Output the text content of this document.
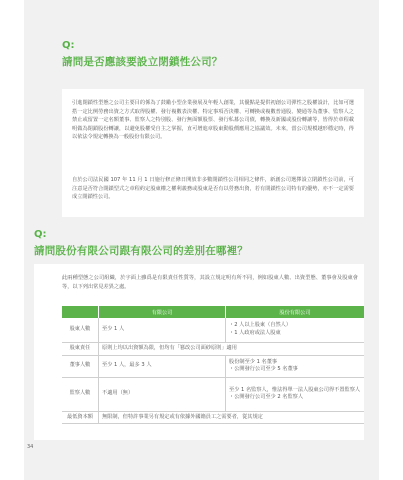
Q:
請問是否應該要設立閉鎖性公司？
引進閉鎖性型態之公司主要目的係為了鼓勵小型企業發展及年輕人創業，其優點是提供初創公司彈性之股權設計，比如可選搭一定比例勞務出資之方式取得股權、發行複數表決權、特定事項否決權、可轉換或複數普通股、變通等為董事、監察人之禁止或留置一定名額董事、監察人之特別股、發行無面額股票、發行私募公司債，轉換及新國或股份轉讓等，皆得於章程載明做為閉鎖股份轉讓，以避免股權受自主之掌握，直可增進章股東動股價應用之協議效。未來，當公司規模越形穩定時，得以依法令規定轉換為一般股份有限公司。
自於公司法民國 107 年 11 月 1 日施行修正條日開放非多數閉鎖性公司相同之條件，新創公司選擇設立閉鎖性公司前，可注意是否符合閉鎖型式之章程約定股東權之權利義務或股東是否有以勞務出資，若有閉鎖性公司特有的優勢，亦不一定需要成立閉鎖性公司。
Q:
請問股份有限公司跟有限公司的差別在哪裡？
此兩種型態之公司組織，於字面上雖爲是有限責任性質等，其設立規定明有所不同，例如股東人數、出資型態、董事會及股東會等，以下列出常見差異之處。
	有限公司	股份有限公司
股東人數	至少 1 人	・2 人以上股東（自然人）
・1 人政府或法人股東
股東責任	原則上均以出資額為限，但均有「篡改公司面紗原則」適用	
董事人數	至少 1 人，最多 3 人	股份制至少 1 名董事
・公開發行公司至少 5 名董事
監察人數	不適用（無）	至少 1 名監察人，惟法得單一法人股東公司得不置監察人
・公開發行公司至少 2 名監察人
最低資本額	無限制，但特許事業另有規定或有依據外國籍員工之需要者，從其規定	
34
